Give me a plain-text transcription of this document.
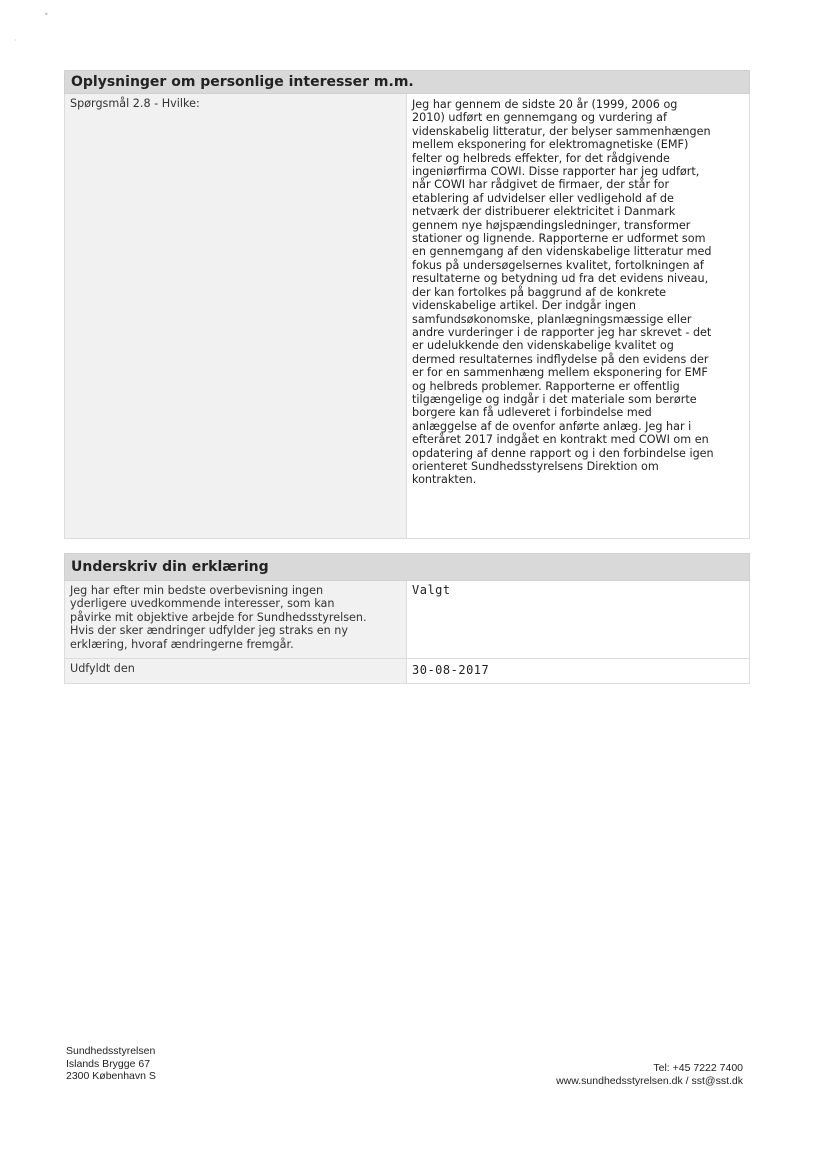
•
·
Oplysninger om personlige interesser m.m.
Spørgsmål 2.8 - Hvilke:	Jeg har gennem de sidste 20 år (1999, 2006 og
2010) udført en gennemgang og vurdering af
videnskabelig litteratur, der belyser sammenhængen
mellem eksponering for elektromagnetiske (EMF)
felter og helbreds effekter, for det rådgivende
ingeniørfirma COWI. Disse rapporter har jeg udført,
når COWI har rådgivet de firmaer, der står for
etablering af udvidelser eller vedligehold af de
netværk der distribuerer elektricitet i Danmark
gennem nye højspændingsledninger, transformer
stationer og lignende. Rapporterne er udformet som
en gennemgang af den videnskabelige litteratur med
fokus på undersøgelsernes kvalitet, fortolkningen af
resultaterne og betydning ud fra det evidens niveau,
der kan fortolkes på baggrund af de konkrete
videnskabelige artikel. Der indgår ingen
samfundsøkonomske, planlægningsmæssige eller
andre vurderinger i de rapporter jeg har skrevet - det
er udelukkende den videnskabelige kvalitet og
dermed resultaternes indflydelse på den evidens der
er for en sammenhæng mellem eksponering for EMF
og helbreds problemer. Rapporterne er offentlig
tilgængelige og indgår i det materiale som berørte
borgere kan få udleveret i forbindelse med
anlæggelse af de ovenfor anførte anlæg. Jeg har i
efteråret 2017 indgået en kontrakt med COWI om en
opdatering af denne rapport og i den forbindelse igen
orienteret Sundhedsstyrelsens Direktion om
kontrakten.
Underskriv din erklæring
Jeg har efter min bedste overbevisning ingen
yderligere uvedkommende interesser, som kan
påvirke mit objektive arbejde for Sundhedsstyrelsen.
Hvis der sker ændringer udfylder jeg straks en ny
erklæring, hvoraf ændringerne fremgår.
Valgt
Udfyldt den	30-08-2017
Sundhedsstyrelsen
Islands Brygge 67
2300 København S
Tel: +45 7222 7400
www.sundhedsstyrelsen.dk / sst@sst.dk
